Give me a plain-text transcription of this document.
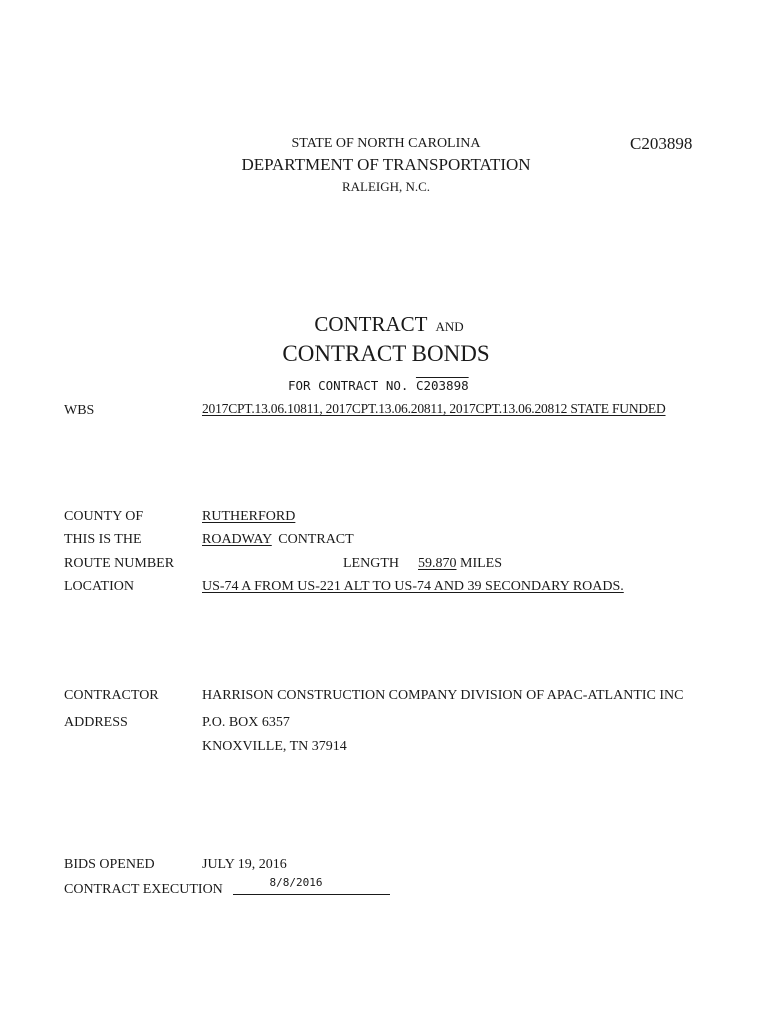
STATE OF NORTH CAROLINA	C203898
DEPARTMENT OF TRANSPORTATION
RALEIGH, N.C.
CONTRACT AND
CONTRACT BONDS
FOR CONTRACT NO. C203898
WBS	2017CPT.13.06.10811, 2017CPT.13.06.20811, 2017CPT.13.06.20812 STATE FUNDED
COUNTY OF	RUTHERFORD
THIS IS THE	ROADWAY CONTRACT
ROUTE NUMBER	LENGTH 59.870 MILES
LOCATION	US-74 A FROM US-221 ALT TO US-74 AND 39 SECONDARY ROADS.
CONTRACTOR	HARRISON CONSTRUCTION COMPANY DIVISION OF APAC-ATLANTIC INC
ADDRESS	P.O. BOX 6357
KNOXVILLE, TN 37914
BIDS OPENED	JULY 19, 2016
CONTRACT EXECUTION	8/8/2016
